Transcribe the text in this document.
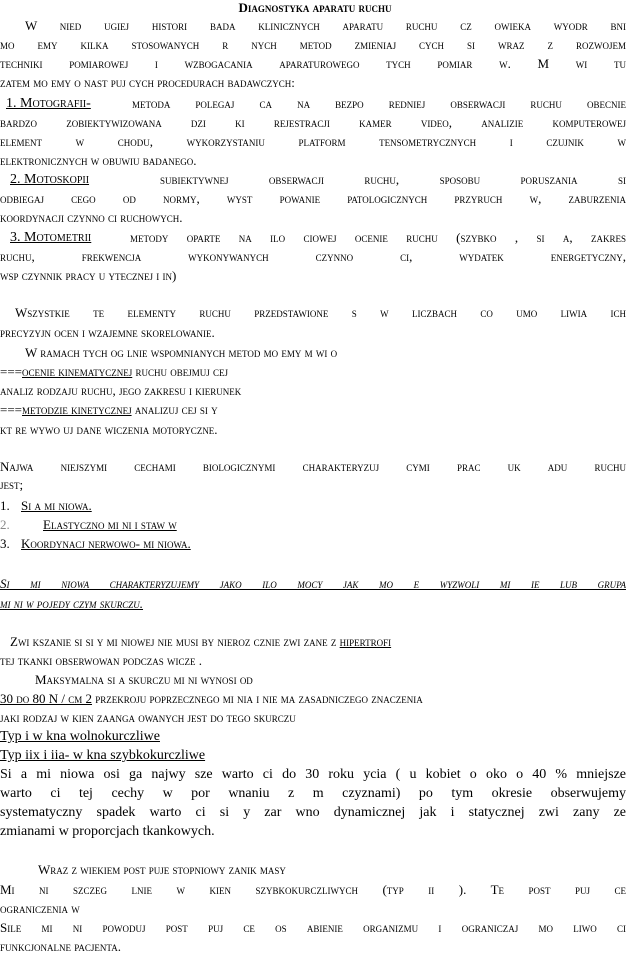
Diagnostyka aparatu ruchu
W nied ugiej histori bada klinicznych aparatu ruchu cz owieka wyodr bni
mo emy kilka stosowanych r nych metod zmieniaj cych si wraz z rozwojem
techniki pomiarowej i wzbogacania aparaturowego tych pomiar w. M wi tu
zatem mo emy o nast puj cych procedurach badawczych:
1. Motografii-	metoda polegaj ca na bezpo redniej obserwacji ruchu obecnie
bardzo zobiektywizowana dzi ki rejestracji kamer video, analizie komputerowej
element w chodu, wykorzystaniu platform tensometrycznych i czujnik w
elektronicznych w obuwiu badanego.
2. Motoskopii	subiektywnej obserwacji ruchu, sposobu poruszania si
odbiegaj cego od normy, wyst powanie patologicznych przyruch w, zaburzenia
koordynacji czynno ci ruchowych.
3. Motometrii	metody oparte na ilo ciowej ocenie ruchu (szybko , si a, zakres
ruchu, frekwencja wykonywanych czynno ci, wydatek energetyczny,
wsp czynnik pracy u ytecznej i in)
Wszystkie te elementy ruchu przedstawione s w liczbach co umo liwia ich
precyzyjn ocen i wzajemne skorelowanie.
W ramach tych og lnie wspomnianych metod mo emy m wi o
===ocenie kinematycznej ruchu obejmuj cej
analiz rodzaju ruchu, jego zakresu i kierunek
===metodzie kinetycznej analizuj cej si y
kt re wywo uj dane wiczenia motoryczne.
Najwa niejszymi cechami biologicznymi charakteryzuj cymi prac uk adu ruchu
jest;
1. Si a mi niowa.
2.	Elastyczno mi ni i staw w
3. Koordynacj nerwowo- mi niowa.
Si mi niowa charakteryzujemy jako ilo mocy jak mo e wyzwoli mi ie lub grupa
mi ni w pojedy czym skurczu.
Zwi kszanie si si y mi niowej nie musi by nieroz cznie zwi zane z hipertrofi
tej tkanki obserwowan podczas wicze .
Maksymalna si a skurczu mi ni wynosi od
30 do 80 N / cm 2 przekroju poprzecznego mi nia i nie ma zasadniczego znaczenia
jaki rodzaj w kien zaanga owanych jest do tego skurczu
Typ i w kna wolnokurczliwe
Typ iix i iia- w kna szybkokurczliwe
Si a mi niowa osi ga najwy sze warto ci do 30 roku ycia ( u kobiet o oko o 40 % mniejsze
warto ci tej cechy w por wnaniu z m czyznami) po tym okresie obserwujemy
systematyczny spadek warto ci si y zar wno dynamicznej jak i statycznej zwi zany ze
zmianami w proporcjach tkankowych.
Wraz z wiekiem post puje stopniowy zanik masy
Mi ni szczeg lnie w kien szybkokurczliwych (typ ii ). Te post puj ce
ograniczenia w
Sile mi ni powoduj post puj ce os abienie organizmu i ograniczaj mo liwo ci
funkcjonalne pacjenta.
